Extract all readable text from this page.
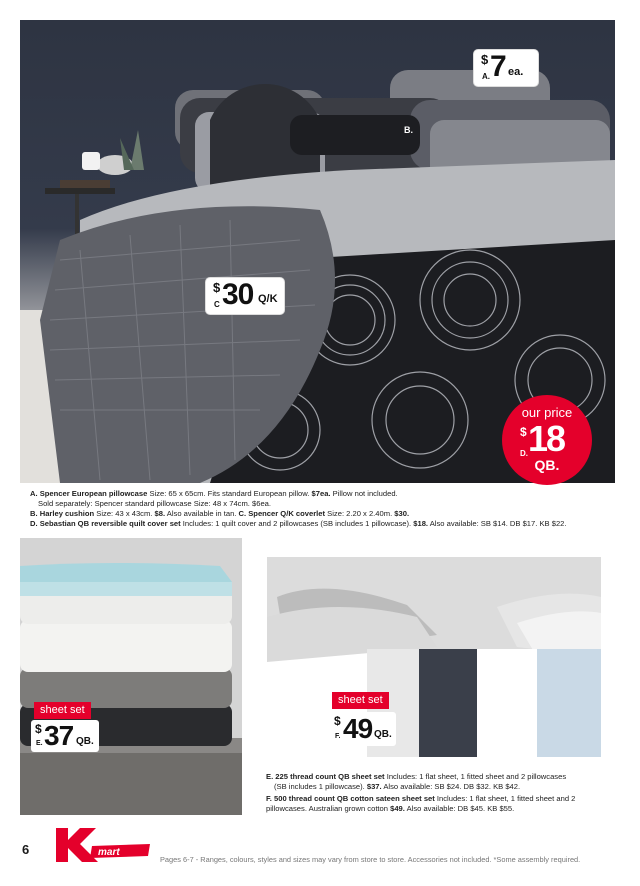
$ 7 ea.
A.
B.
$ 30 Q/K
C
our price
$ 18
D.
QB.
A. Spencer European pillowcase Size: 65 x 65cm. Fits standard European pillow. $7ea. Pillow not included.
Sold separately: Spencer standard pillowcase Size: 48 x 74cm. $6ea.
B. Harley cushion Size: 43 x 43cm. $8. Also available in tan. C. Spencer Q/K coverlet Size: 2.20 x 2.40m. $30.
D. Sebastian QB reversible quilt cover set Includes: 1 quilt cover and 2 pillowcases (SB includes 1 pillowcase). $18. Also available: SB $14. DB $17. KB $22.
sheet set
$ 37
E.	QB.
sheet set
$ 49
F.	QB.
E. 225 thread count QB sheet set Includes: 1 flat sheet, 1 fitted sheet and 2 pillowcases
(SB includes 1 pillowcase). $37. Also available: SB $24. DB $32. KB $42.
F. 500 thread count QB cotton sateen sheet set Includes: 1 flat sheet, 1 fitted sheet and 2
pillowcases. Australian grown cotton $49. Also available: DB $45. KB $55.
6	mart
Pages 6-7 - Ranges, colours, styles and sizes may vary from store to store. Accessories not included. *Some assembly required.
